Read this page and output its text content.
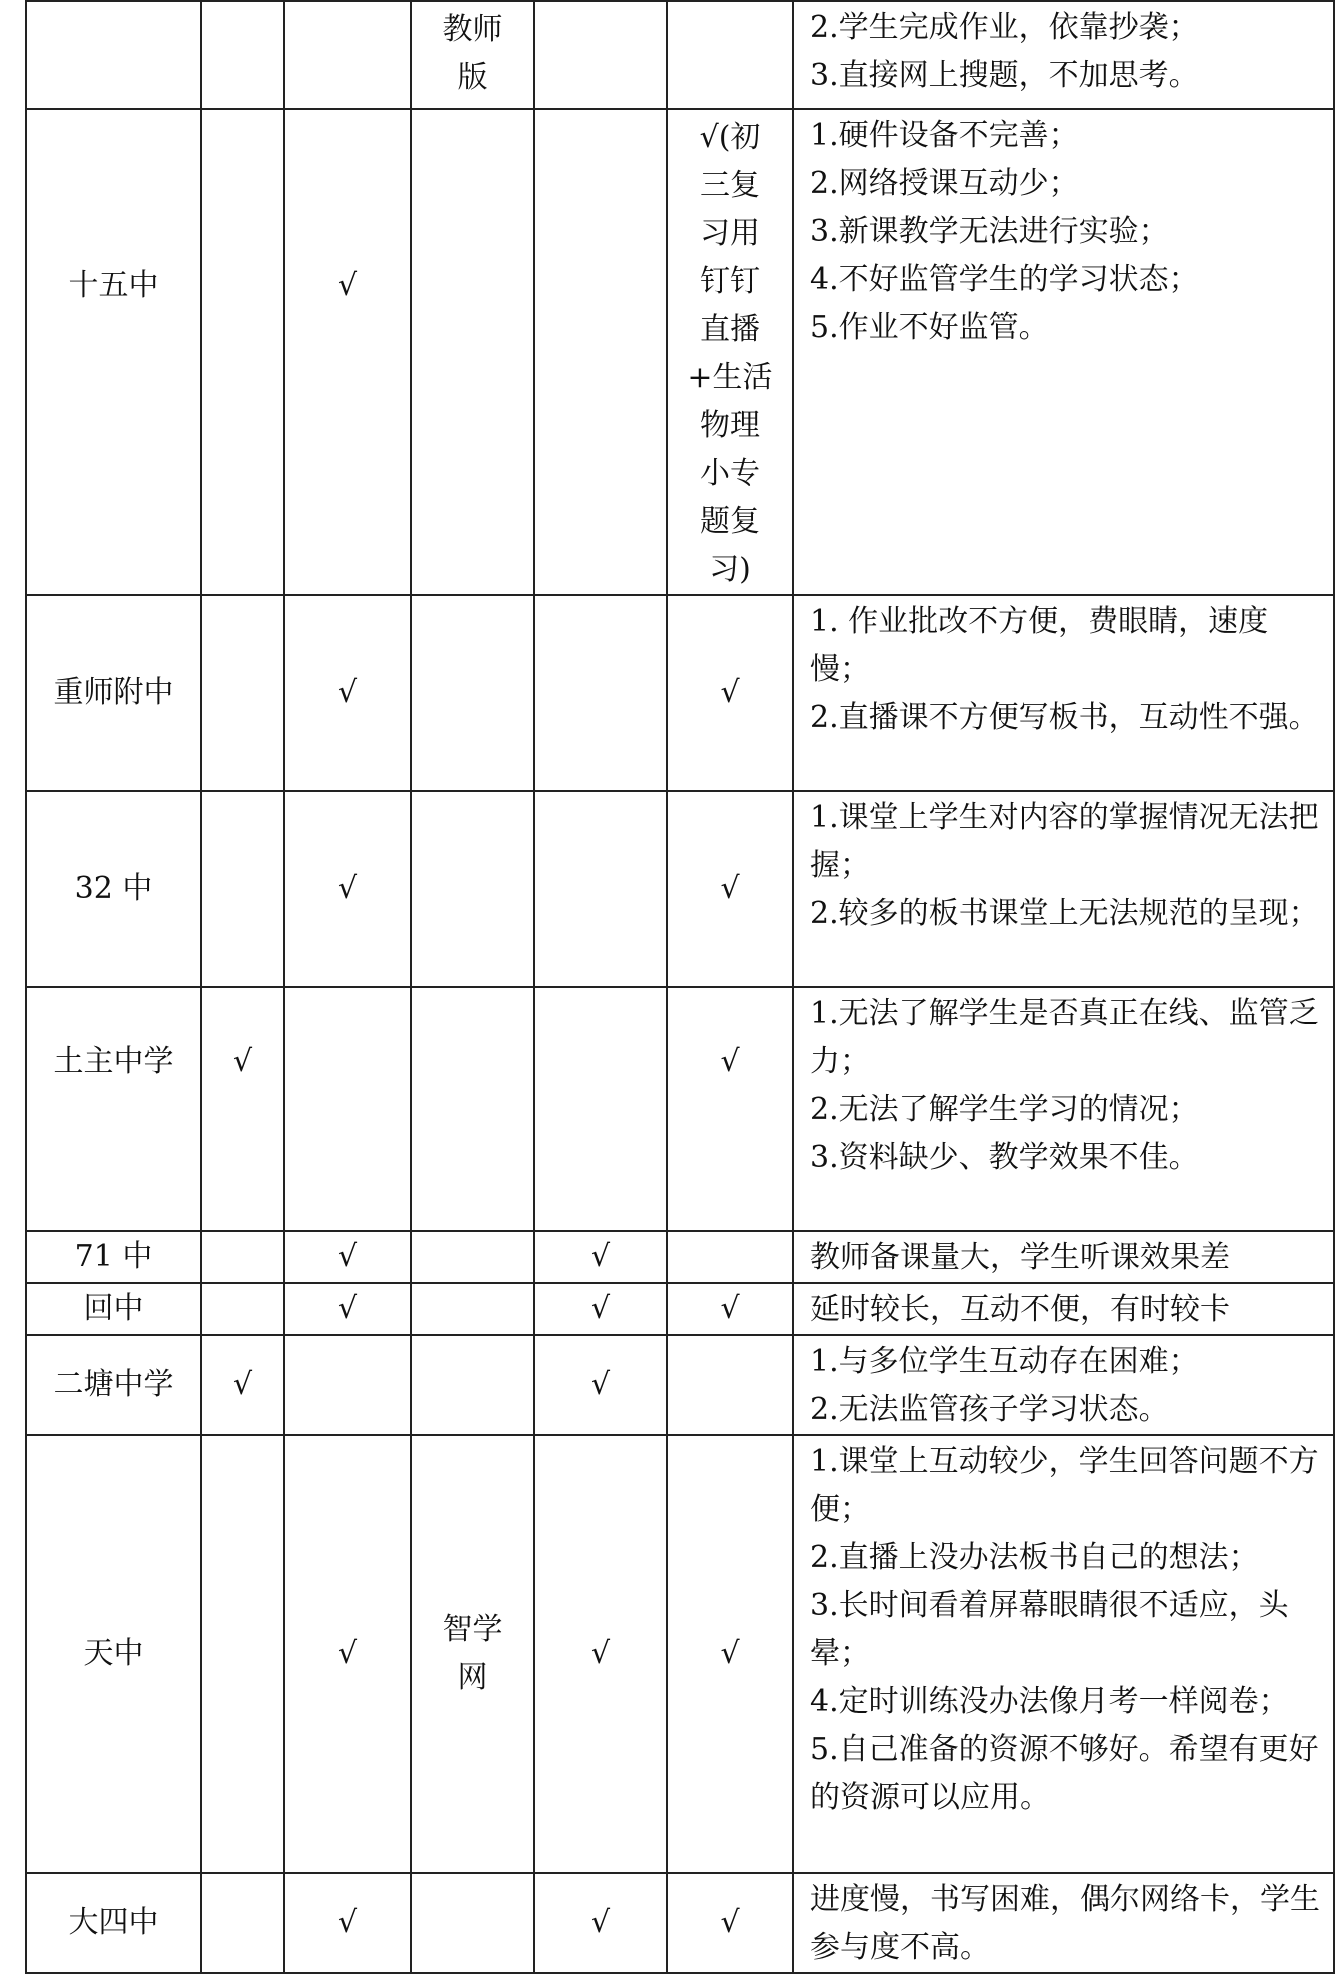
			教师版			2.学生完成作业，依靠抄袭；
3.直接网上搜题，不加思考。

十五中		√			√(初三复习用钉钉直播+生活物理小专题复习)	1.硬件设备不完善；
2.网络授课互动少；
3.新课教学无法进行实验；
4.不好监管学生的学习状态；
5.作业不好监管。

重师附中		√			√	1. 作业批改不方便，费眼睛，速度慢；
2.直播课不方便写板书，互动性不强。

32 中		√			√	1.课堂上学生对内容的掌握情况无法把握；
2.较多的板书课堂上无法规范的呈现；

土主中学	√				√	1.无法了解学生是否真正在线、监管乏力；
2.无法了解学生学习的情况；
3.资料缺少、教学效果不佳。

71 中		√		√		教师备课量大，学生听课效果差

回中		√		√	√	延时较长，互动不便，有时较卡

二塘中学	√			√		1.与多位学生互动存在困难；
2.无法监管孩子学习状态。

天中		√	智学网	√	√	1.课堂上互动较少，学生回答问题不方便；
2.直播上没办法板书自己的想法；
3.长时间看着屏幕眼睛很不适应，头晕；
4.定时训练没办法像月考一样阅卷；
5.自己准备的资源不够好。希望有更好的资源可以应用。

大四中		√		√	√	进度慢，书写困难，偶尔网络卡，学生参与度不高。
